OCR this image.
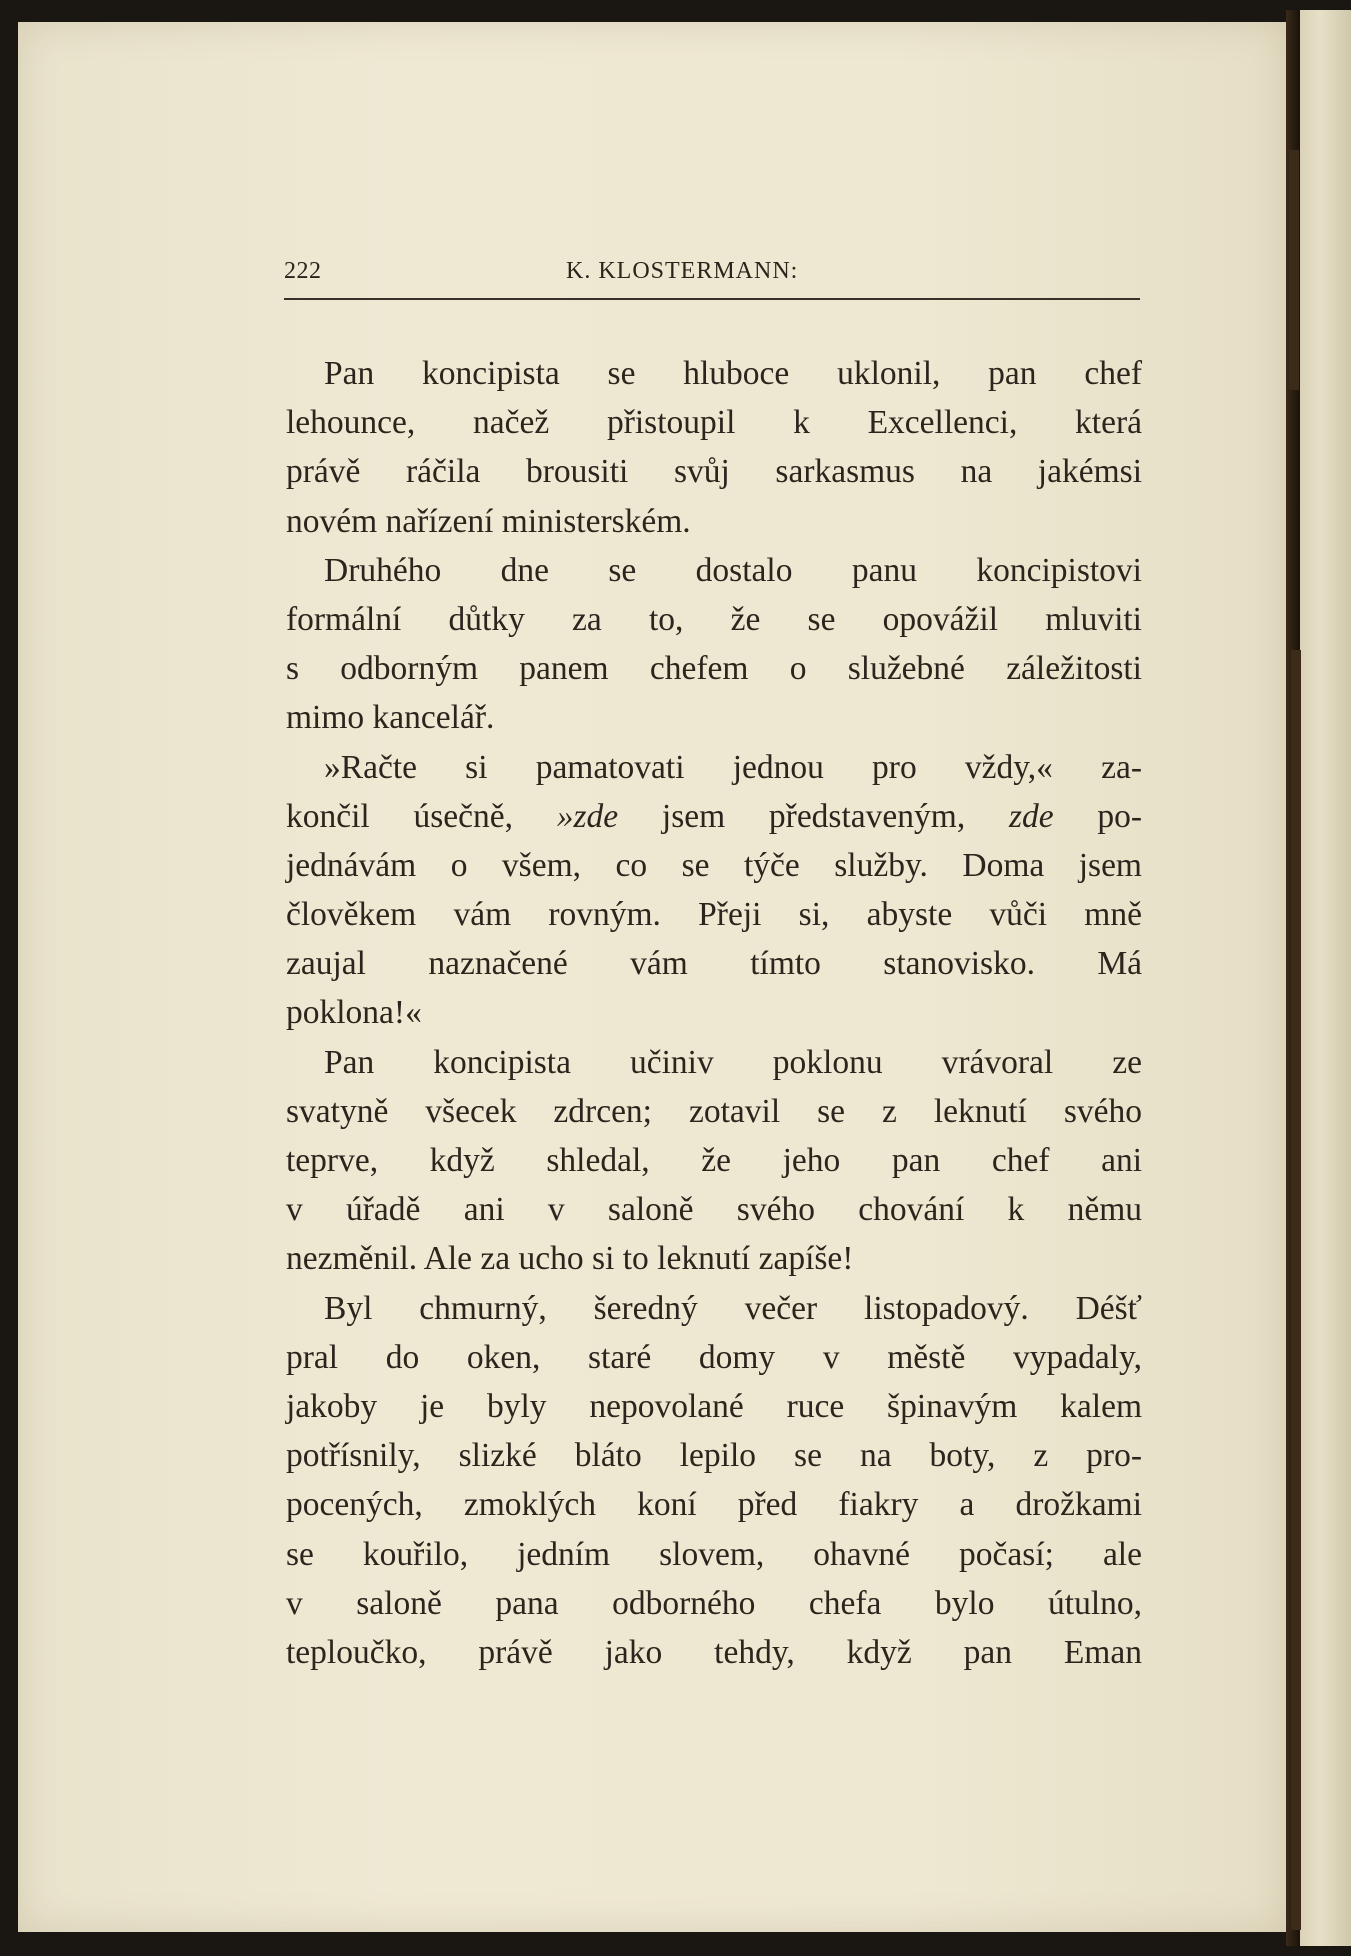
222	K. KLOSTERMANN:
Pan koncipista se hluboce uklonil, pan chef
lehounce, načež přistoupil k Excellenci, která
právě ráčila brousiti svůj sarkasmus na jakémsi
novém nařízení ministerském.
Druhého dne se dostalo panu koncipistovi
formální důtky za to, že se opovážil mluviti
s odborným panem chefem o služebné záležitosti
mimo kancelář.
»Račte si pamatovati jednou pro vždy,« za-
končil úsečně, »zde jsem představeným, zde po-
jednávám o všem, co se týče služby. Doma jsem
člověkem vám rovným. Přeji si, abyste vůči mně
zaujal naznačené vám tímto stanovisko. Má
poklona!«
Pan koncipista učiniv poklonu vrávoral ze
svatyně všecek zdrcen; zotavil se z leknutí svého
teprve, když shledal, že jeho pan chef ani
v úřadě ani v saloně svého chování k němu
nezměnil. Ale za ucho si to leknutí zapíše!
Byl chmurný, šeredný večer listopadový. Déšť
pral do oken, staré domy v městě vypadaly,
jakoby je byly nepovolané ruce špinavým kalem
potřísnily, slizké bláto lepilo se na boty, z pro-
pocených, zmoklých koní před fiakry a drožkami
se kouřilo, jedním slovem, ohavné počasí; ale
v saloně pana odborného chefa bylo útulno,
teploučko, právě jako tehdy, když pan Eman
